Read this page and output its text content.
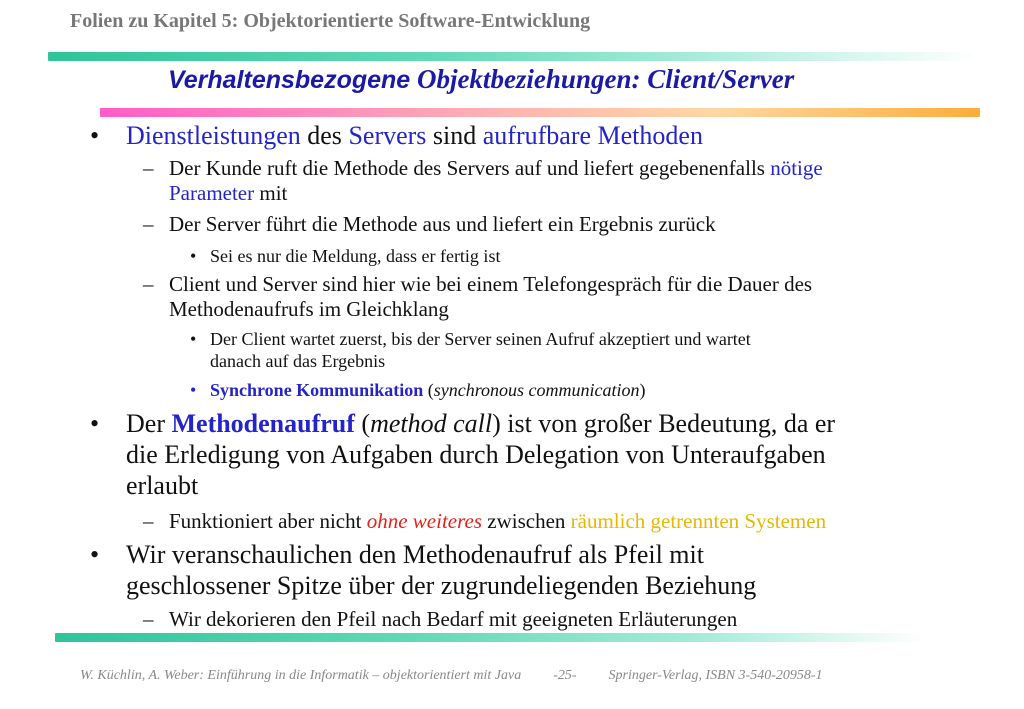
Folien zu Kapitel 5: Objektorientierte Software-Entwicklung
Verhaltensbezogene Objektbeziehungen: Client/Server
• Dienstleistungen des Servers sind aufrufbare Methoden
– Der Kunde ruft die Methode des Servers auf und liefert gegebenenfalls nötige
Parameter mit
– Der Server führt die Methode aus und liefert ein Ergebnis zurück
• Sei es nur die Meldung, dass er fertig ist
– Client und Server sind hier wie bei einem Telefongespräch für die Dauer des
Methodenaufrufs im Gleichklang
• Der Client wartet zuerst, bis der Server seinen Aufruf akzeptiert und wartet
danach auf das Ergebnis
• Synchrone Kommunikation (synchronous communication)
• Der Methodenaufruf (method call) ist von großer Bedeutung, da er
die Erledigung von Aufgaben durch Delegation von Unteraufgaben
erlaubt
– Funktioniert aber nicht ohne weiteres zwischen räumlich getrennten Systemen
• Wir veranschaulichen den Methodenaufruf als Pfeil mit
geschlossener Spitze über der zugrundeliegenden Beziehung
– Wir dekorieren den Pfeil nach Bedarf mit geeigneten Erläuterungen
W. Küchlin, A. Weber: Einführung in die Informatik – objektorientiert mit Java -25- Springer-Verlag, ISBN 3-540-20958-1
